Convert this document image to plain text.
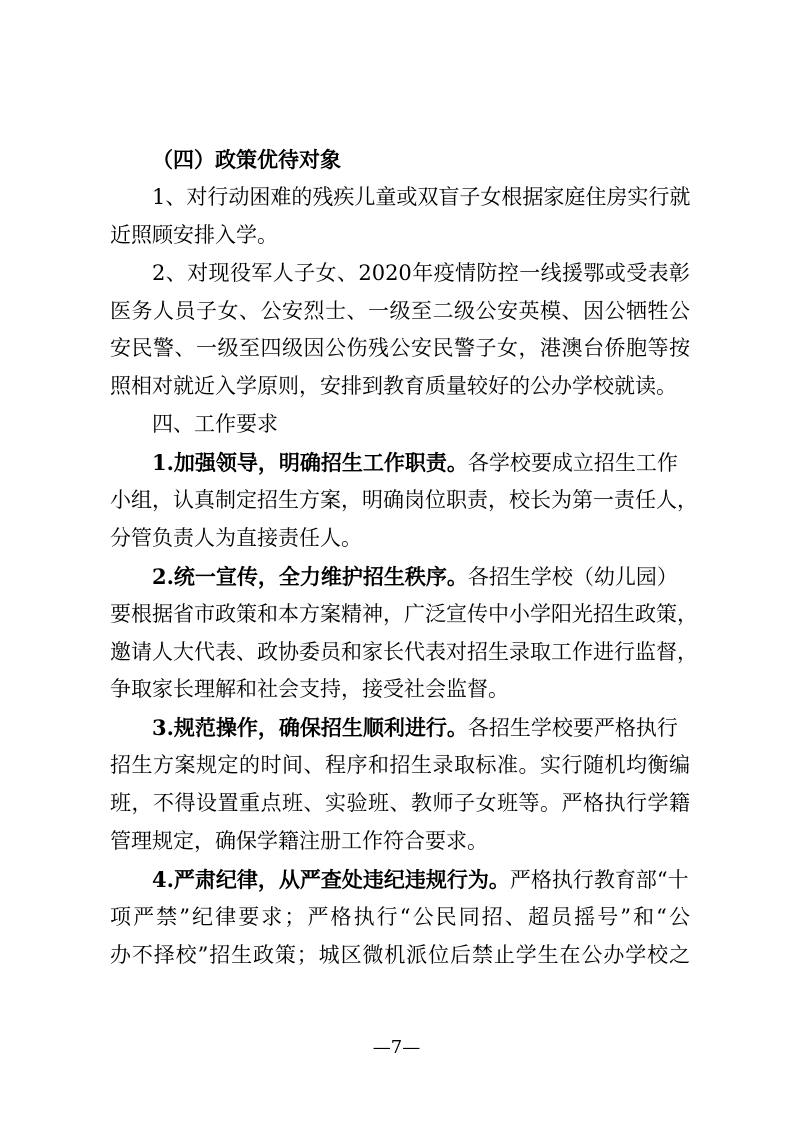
（四）政策优待对象
1、对行动困难的残疾儿童或双盲子女根据家庭住房实行就
近照顾安排入学。
2、对现役军人子女、2020年疫情防控一线援鄂或受表彰
医务人员子女、公安烈士、一级至二级公安英模、因公牺牲公
安民警、一级至四级因公伤残公安民警子女，港澳台侨胞等按
照相对就近入学原则，安排到教育质量较好的公办学校就读。
四、工作要求
1.加强领导，明确招生工作职责。各学校要成立招生工作
小组，认真制定招生方案，明确岗位职责，校长为第一责任人，
分管负责人为直接责任人。
2.统一宣传，全力维护招生秩序。各招生学校（幼儿园）
要根据省市政策和本方案精神，广泛宣传中小学阳光招生政策，
邀请人大代表、政协委员和家长代表对招生录取工作进行监督，
争取家长理解和社会支持，接受社会监督。
3.规范操作，确保招生顺利进行。各招生学校要严格执行
招生方案规定的时间、程序和招生录取标准。实行随机均衡编
班，不得设置重点班、实验班、教师子女班等。严格执行学籍
管理规定，确保学籍注册工作符合要求。
4.严肃纪律，从严查处违纪违规行为。严格执行教育部“十
项严禁”纪律要求；严格执行“公民同招、超员摇号”和“公
办不择校”招生政策；城区微机派位后禁止学生在公办学校之
—7—
